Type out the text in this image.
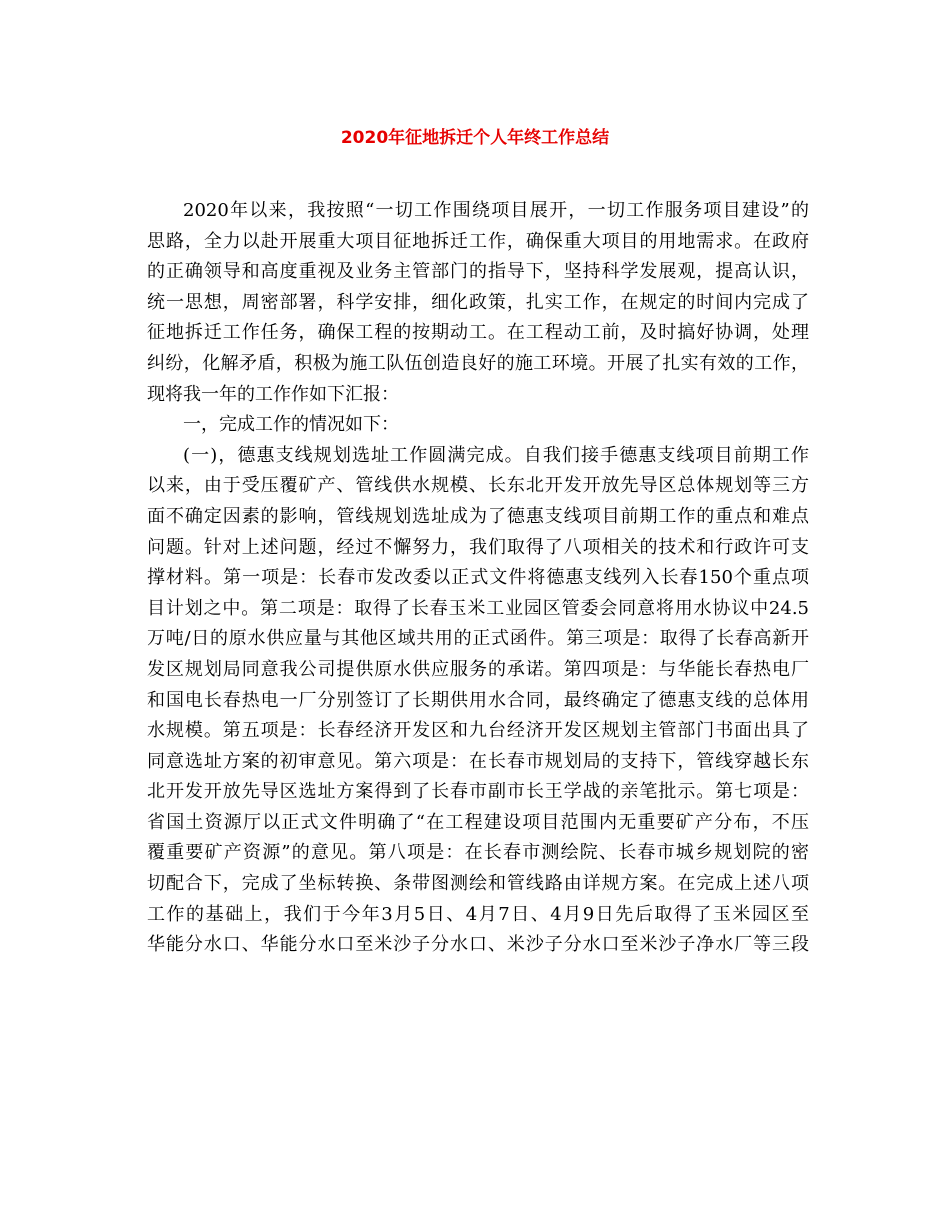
2020年征地拆迁个人年终工作总结
2020年以来，我按照“一切工作围绕项目展开，一切工作服务项目建设”的
思路，全力以赴开展重大项目征地拆迁工作，确保重大项目的用地需求。在政府
的正确领导和高度重视及业务主管部门的指导下，坚持科学发展观，提高认识，
统一思想，周密部署，科学安排，细化政策，扎实工作，在规定的时间内完成了
征地拆迁工作任务，确保工程的按期动工。在工程动工前，及时搞好协调，处理
纠纷，化解矛盾，积极为施工队伍创造良好的施工环境。开展了扎实有效的工作，
现将我一年的工作作如下汇报：
一，完成工作的情况如下：
(一)，德惠支线规划选址工作圆满完成。自我们接手德惠支线项目前期工作
以来，由于受压覆矿产、管线供水规模、长东北开发开放先导区总体规划等三方
面不确定因素的影响，管线规划选址成为了德惠支线项目前期工作的重点和难点
问题。针对上述问题，经过不懈努力，我们取得了八项相关的技术和行政许可支
撑材料。第一项是：长春市发改委以正式文件将德惠支线列入长春150个重点项
目计划之中。第二项是：取得了长春玉米工业园区管委会同意将用水协议中24.5
万吨/日的原水供应量与其他区域共用的正式函件。第三项是：取得了长春高新开
发区规划局同意我公司提供原水供应服务的承诺。第四项是：与华能长春热电厂
和国电长春热电一厂分别签订了长期供用水合同，最终确定了德惠支线的总体用
水规模。第五项是：长春经济开发区和九台经济开发区规划主管部门书面出具了
同意选址方案的初审意见。第六项是：在长春市规划局的支持下，管线穿越长东
北开发开放先导区选址方案得到了长春市副市长王学战的亲笔批示。第七项是：
省国土资源厅以正式文件明确了“在工程建设项目范围内无重要矿产分布，不压
覆重要矿产资源”的意见。第八项是：在长春市测绘院、长春市城乡规划院的密
切配合下，完成了坐标转换、条带图测绘和管线路由详规方案。在完成上述八项
工作的基础上，我们于今年3月5日、4月7日、4月9日先后取得了玉米园区至
华能分水口、华能分水口至米沙子分水口、米沙子分水口至米沙子净水厂等三段
